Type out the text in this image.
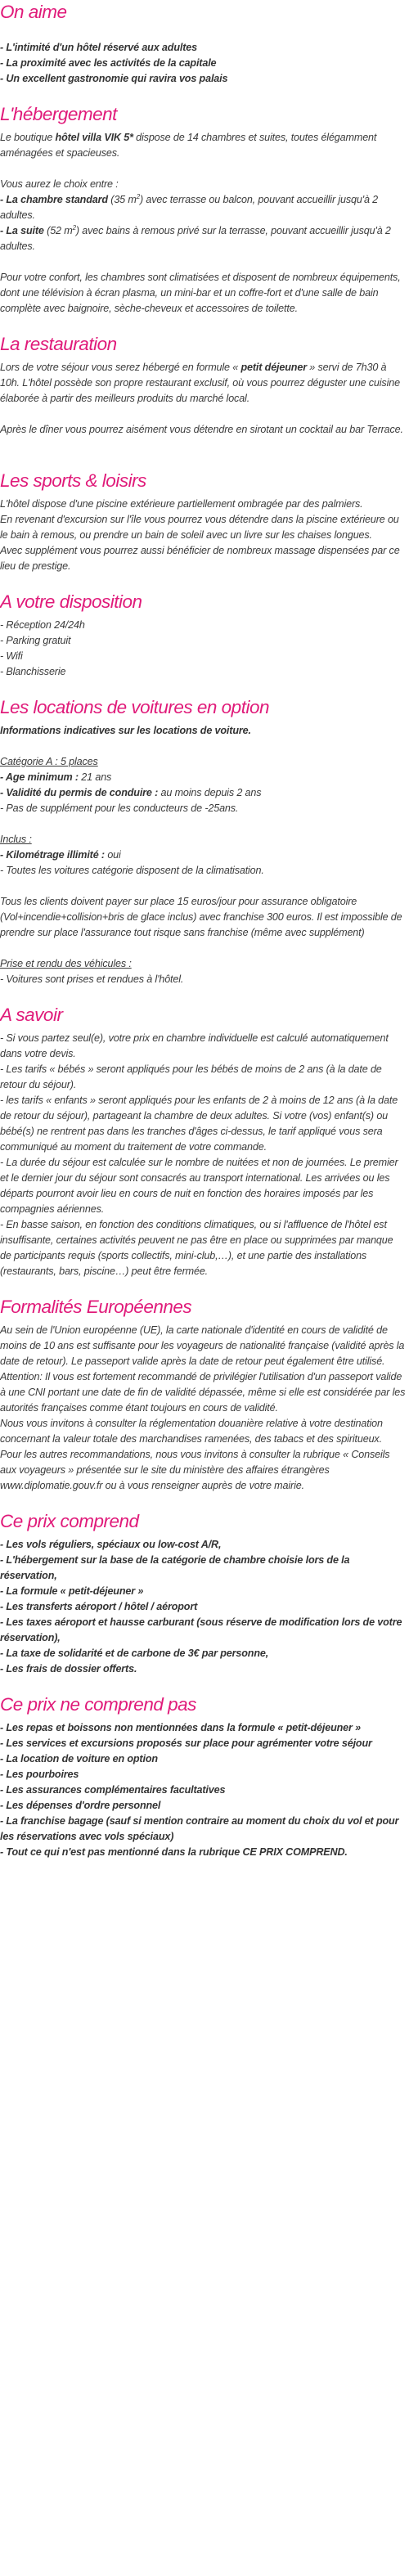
On aime

- L'intimité d'un hôtel réservé aux adultes

- La proximité avec les activités de la capitale

- Un excellent gastronomie qui ravira vos palais

L'hébergement

Le boutique hôtel villa VIK 5* dispose de 14 chambres et suites, toutes élégamment aménagées et spacieuses.

Vous aurez le choix entre :

- La chambre standard (35 $m^2$) avec terrasse ou balcon, pouvant accueillir jusqu'à 2 adultes.

- La suite (52 $m^2$) avec bains à remous privé sur la terrasse, pouvant accueillir jusqu'à 2 adultes.

Pour votre confort, les chambres sont climatisées et disposent de nombreux équipements, dont une télévision à écran plasma, un mini-bar et un coffre-fort et d'une salle de bain complète avec baignoire, sèche-cheveux et accessoires de toilette.

La restauration

Lors de votre séjour vous serez hébergé en formule « petit déjeuner » servi de 7h30 à 10h. L'hôtel possède son propre restaurant exclusif, où vous pourrez déguster une cuisine élaborée à partir des meilleurs produits du marché local.

Après le dîner vous pourrez aisément vous détendre en sirotant un cocktail au bar Terrace.

Les sports & loisirs

L'hôtel dispose d'une piscine extérieure partiellement ombragée par des palmiers.

En revenant d'excursion sur l'île vous pourrez vous détendre dans la piscine extérieure ou le bain à remous, ou prendre un bain de soleil avec un livre sur les chaises longues.

Avec supplément vous pourrez aussi bénéficier de nombreux massage dispensées par ce lieu de prestige.

A votre disposition

- Réception 24/24h

- Parking gratuit

- Wifi

- Blanchisserie

Les locations de voitures en option

Informations indicatives sur les locations de voiture.

Catégorie A : 5 places

- Age minimum : 21 ans

- Validité du permis de conduire : au moins depuis 2 ans

- Pas de supplément pour les conducteurs de -25ans.

Inclus :

- Kilométrage illimité : oui

- Toutes les voitures catégorie disposent de la climatisation.

Tous les clients doivent payer sur place 15 euros/jour pour assurance obligatoire (Vol+incendie+collision+bris de glace inclus) avec franchise 300 euros. Il est impossible de prendre sur place l'assurance tout risque sans franchise (même avec supplément)

Prise et rendu des véhicules :

- Voitures sont prises et rendues à l'hôtel.

A savoir

- Si vous partez seul(e), votre prix en chambre individuelle est calculé automatiquement dans votre devis.

- Les tarifs « bébés » seront appliqués pour les bébés de moins de 2 ans (à la date de retour du séjour).

- les tarifs « enfants » seront appliqués pour les enfants de 2 à moins de 12 ans (à la date de retour du séjour), partageant la chambre de deux adultes. Si votre (vos) enfant(s) ou bébé(s) ne rentrent pas dans les tranches d'âges ci-dessus, le tarif appliqué vous sera communiqué au moment du traitement de votre commande.

- La durée du séjour est calculée sur le nombre de nuitées et non de journées. Le premier et le dernier jour du séjour sont consacrés au transport international. Les arrivées ou les départs pourront avoir lieu en cours de nuit en fonction des horaires imposés par les compagnies aériennes.

- En basse saison, en fonction des conditions climatiques, ou si l'affluence de l'hôtel est insuffisante, certaines activités peuvent ne pas être en place ou supprimées par manque de participants requis (sports collectifs, mini-club,…), et une partie des installations (restaurants, bars, piscine…) peut être fermée.

Formalités Européennes

Au sein de l'Union européenne (UE), la carte nationale d'identité en cours de validité de moins de 10 ans est suffisante pour les voyageurs de nationalité française (validité après la date de retour). Le passeport valide après la date de retour peut également être utilisé.

Attention: Il vous est fortement recommandé de privilégier l'utilisation d'un passeport valide à une CNI portant une date de fin de validité dépassée, même si elle est considérée par les autorités françaises comme étant toujours en cours de validité.

Nous vous invitons à consulter la réglementation douanière relative à votre destination concernant la valeur totale des marchandises ramenées, des tabacs et des spiritueux.

Pour les autres recommandations, nous vous invitons à consulter la rubrique « Conseils aux voyageurs » présentée sur le site du ministère des affaires étrangères www.diplomatie.gouv.fr ou à vous renseigner auprès de votre mairie.

Ce prix comprend

- Les vols réguliers, spéciaux ou low-cost A/R,

- L'hébergement sur la base de la catégorie de chambre choisie lors de la réservation,

- La formule « petit-déjeuner »

- Les transferts aéroport / hôtel / aéroport

- Les taxes aéroport et hausse carburant (sous réserve de modification lors de votre réservation),

- La taxe de solidarité et de carbone de 3€ par personne,

- Les frais de dossier offerts.

Ce prix ne comprend pas

- Les repas et boissons non mentionnées dans la formule « petit-déjeuner »

- Les services et excursions proposés sur place pour agrémenter votre séjour

- La location de voiture en option

- Les pourboires

- Les assurances complémentaires facultatives

- Les dépenses d'ordre personnel

- La franchise bagage (sauf si mention contraire au moment du choix du vol et pour les réservations avec vols spéciaux)

- Tout ce qui n'est pas mentionné dans la rubrique CE PRIX COMPREND.
